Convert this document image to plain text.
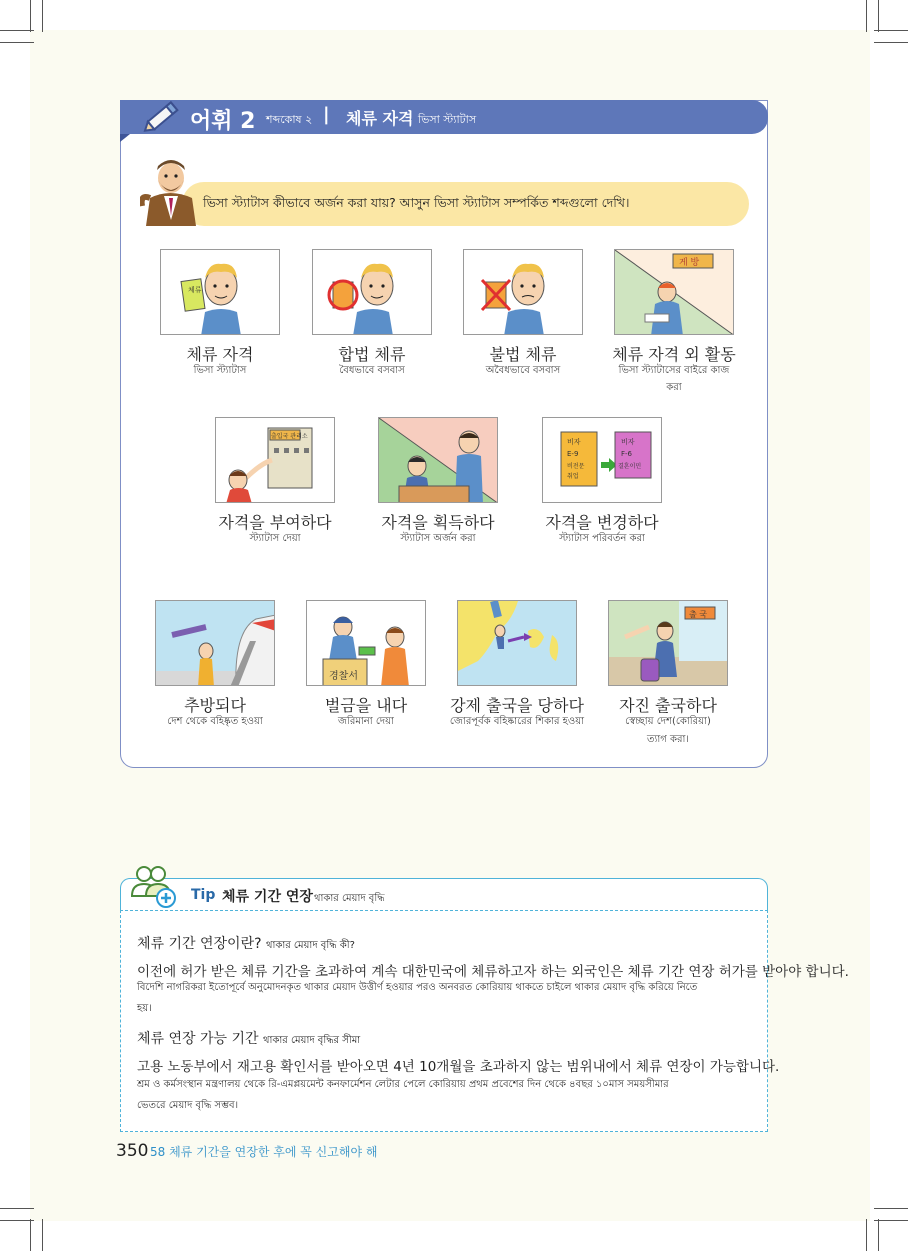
어휘 2 শব্দকোষ ২ | 체류 자격 ভিসা স্ট্যাটাস
ভিসা স্ট্যাটাস কীভাবে অর্জন করা যায়? আসুন ভিসা স্ট্যাটাস সম্পর্কিত শব্দগুলো দেখি।
체류
게 방
체류 자격
ভিসা স্ট্যাটাস
합법 체류
বৈধভাবে বসবাস
불법 체류
অবৈধভাবে বসবাস
체류 자격 외 활동
ভিসা স্ট্যাটাসের বাইরে কাজ
করা
출입국 관리소
비자
E-9
비전문
취업
비자
F-6
결혼이민
자격을 부여하다
স্ট্যাটাস দেয়া
자격을 획득하다
স্ট্যাটাস অর্জন করা
자격을 변경하다
স্ট্যাটাস পরিবর্তন করা
경찰서
출 국
추방되다
দেশ থেকে বহিষ্কৃত হওয়া
벌금을 내다
জরিমানা দেয়া
강제 출국을 당하다
জোরপূর্বক বহিষ্কারের শিকার হওয়া
자진 출국하다
স্বেচ্ছায় দেশ(কোরিয়া)
ত্যাগ করা।
Tip 체류 기간 연장 থাকার মেয়াদ বৃদ্ধি
체류 기간 연장이란? থাকার মেয়াদ বৃদ্ধি কী?
이전에 허가 받은 체류 기간을 초과하여 계속 대한민국에 체류하고자 하는 외국인은 체류 기간 연장 허가를 받아야 합니다.
বিদেশি নাগরিকরা ইতোপূর্বে অনুমোদনকৃত থাকার মেয়াদ উত্তীর্ণ হওয়ার পরও অনবরত কোরিয়ায় থাকতে চাইলে থাকার মেয়াদ বৃদ্ধি করিয়ে নিতে
হয়।
체류 연장 가능 기간 থাকার মেয়াদ বৃদ্ধির সীমা
고용 노동부에서 재고용 확인서를 받아오면 4년 10개월을 초과하지 않는 범위내에서 체류 연장이 가능합니다.
শ্রম ও কর্মসংস্থান মন্ত্রণালয় থেকে রি-এমপ্লয়মেন্ট কনফার্মেশন লেটার পেলে কোরিয়ায় প্রথম প্রবেশের দিন থেকে ৪বছর ১০মাস সময়সীমার
ভেতরে মেয়াদ বৃদ্ধি সম্ভব।
350 58 체류 기간을 연장한 후에 꼭 신고해야 해
